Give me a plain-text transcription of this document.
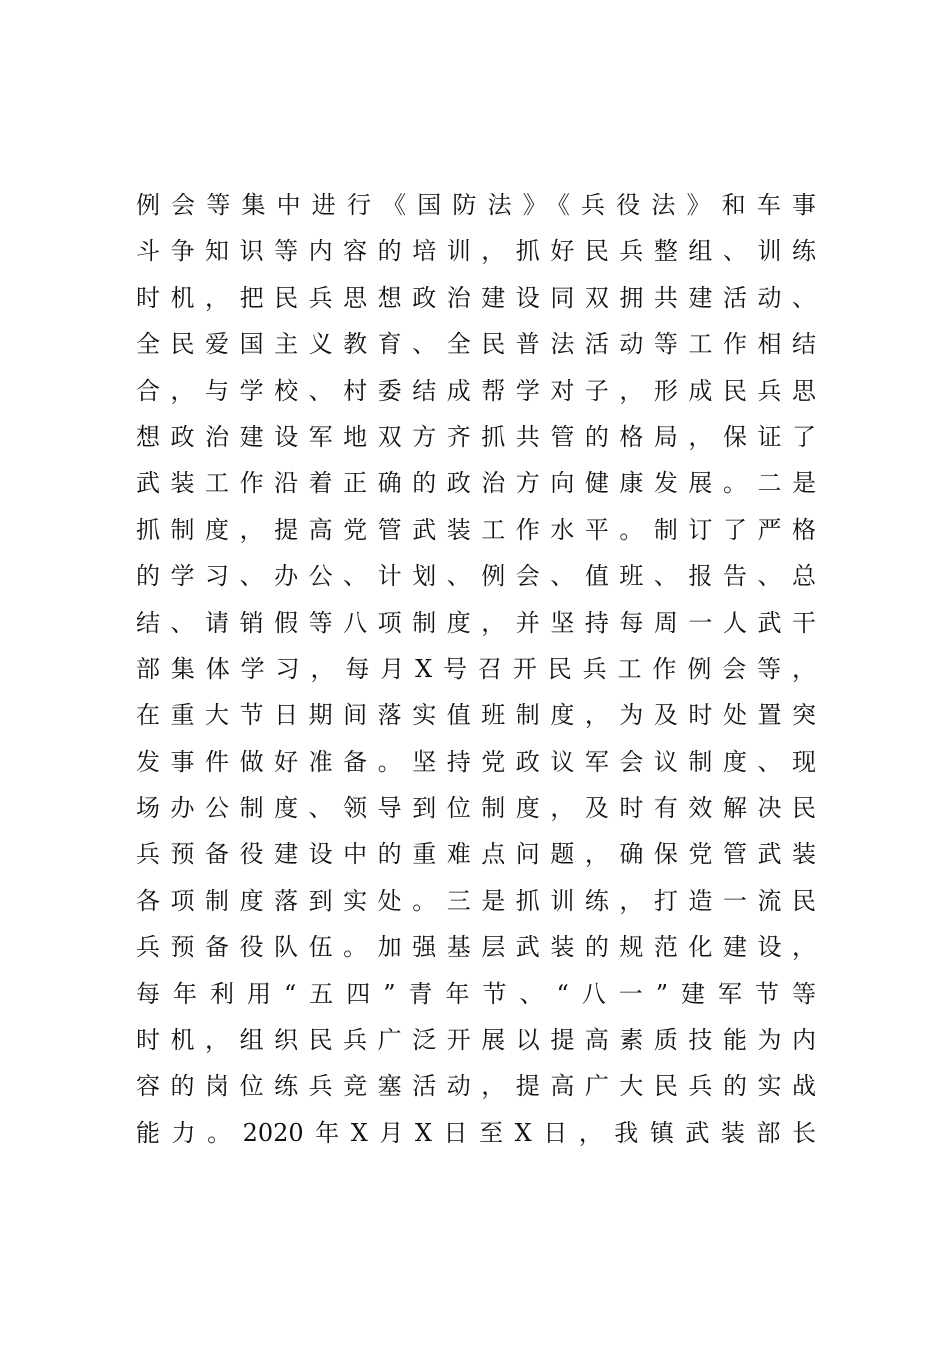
例会等集中进行《国防法》《兵役法》和车事
斗争知识等内容的培训，抓好民兵整组、训练
时机，把民兵思想政治建设同双拥共建活动、
全民爱国主义教育、全民普法活动等工作相结
合，与学校、村委结成帮学对子，形成民兵思
想政治建设军地双方齐抓共管的格局，保证了
武装工作沿着正确的政治方向健康发展。二是
抓制度，提高党管武装工作水平。制订了严格
的学习、办公、计划、例会、值班、报告、总
结、请销假等八项制度，并坚持每周一人武干
部集体学习，每月X号召开民兵工作例会等，
在重大节日期间落实值班制度，为及时处置突
发事件做好准备。坚持党政议军会议制度、现
场办公制度、领导到位制度，及时有效解决民
兵预备役建设中的重难点问题，确保党管武装
各项制度落到实处。三是抓训练，打造一流民
兵预备役队伍。加强基层武装的规范化建设，
每年利用“五四”青年节、“八一”建军节等
时机，组织民兵广泛开展以提高素质技能为内
容的岗位练兵竞塞活动，提高广大民兵的实战
能力。2020年X月X日至X日，我镇武装部长
